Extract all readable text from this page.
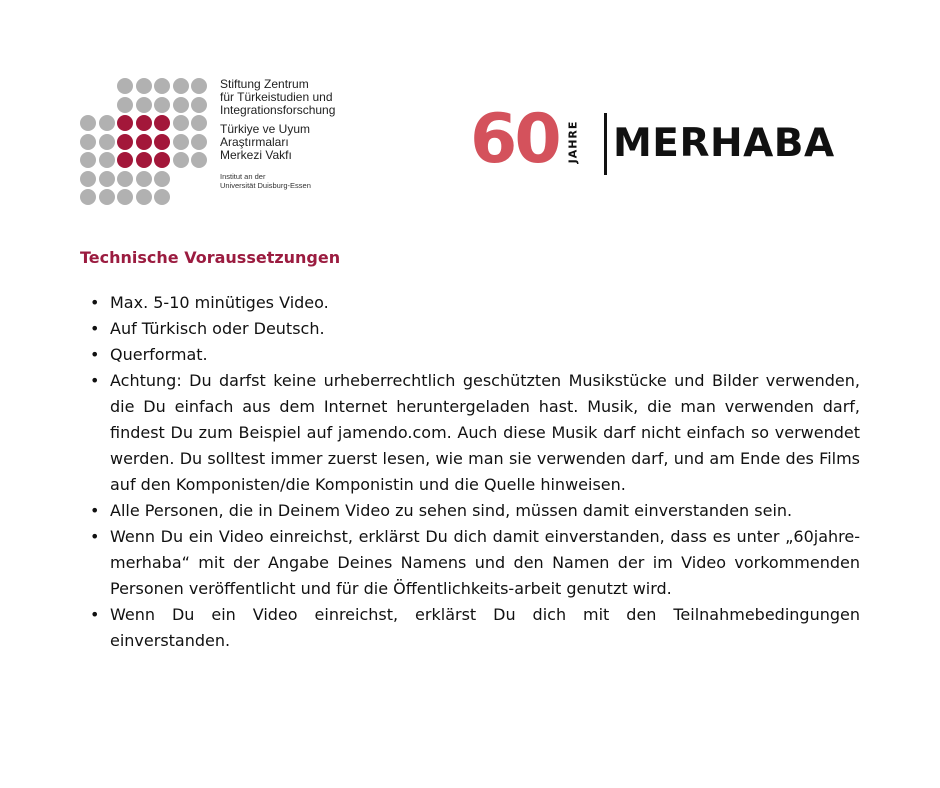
Stiftung Zentrum
für Türkeistudien und
Integrationsforschung
Türkiye ve Uyum
Araştırmaları
Merkezi Vakfı
Institut an der
Universität Duisburg-Essen
60 JAHRE MERHABA
Technische Voraussetzungen
• Max. 5-10 minütiges Video.
• Auf Türkisch oder Deutsch.
• Querformat.
• Achtung: Du darfst keine urheberrechtlich geschützten Musikstücke und Bilder verwenden, die Du einfach aus dem Internet heruntergeladen hast. Musik, die man verwenden darf, findest Du zum Beispiel auf jamendo.com. Auch diese Musik darf nicht einfach so verwendet werden. Du solltest immer zuerst lesen, wie man sie verwenden darf, und am Ende des Films auf den Komponisten/die Komponistin und die Quelle hinweisen.
• Alle Personen, die in Deinem Video zu sehen sind, müssen damit einverstanden sein.
• Wenn Du ein Video einreichst, erklärst Du dich damit einverstanden, dass es unter „60jahre-merhaba“ mit der Angabe Deines Namens und den Namen der im Video vorkommenden Personen veröffentlicht und für die Öffentlichkeits-arbeit genutzt wird.
• Wenn Du ein Video einreichst, erklärst Du dich mit den Teilnahmebedingungen einverstanden.
